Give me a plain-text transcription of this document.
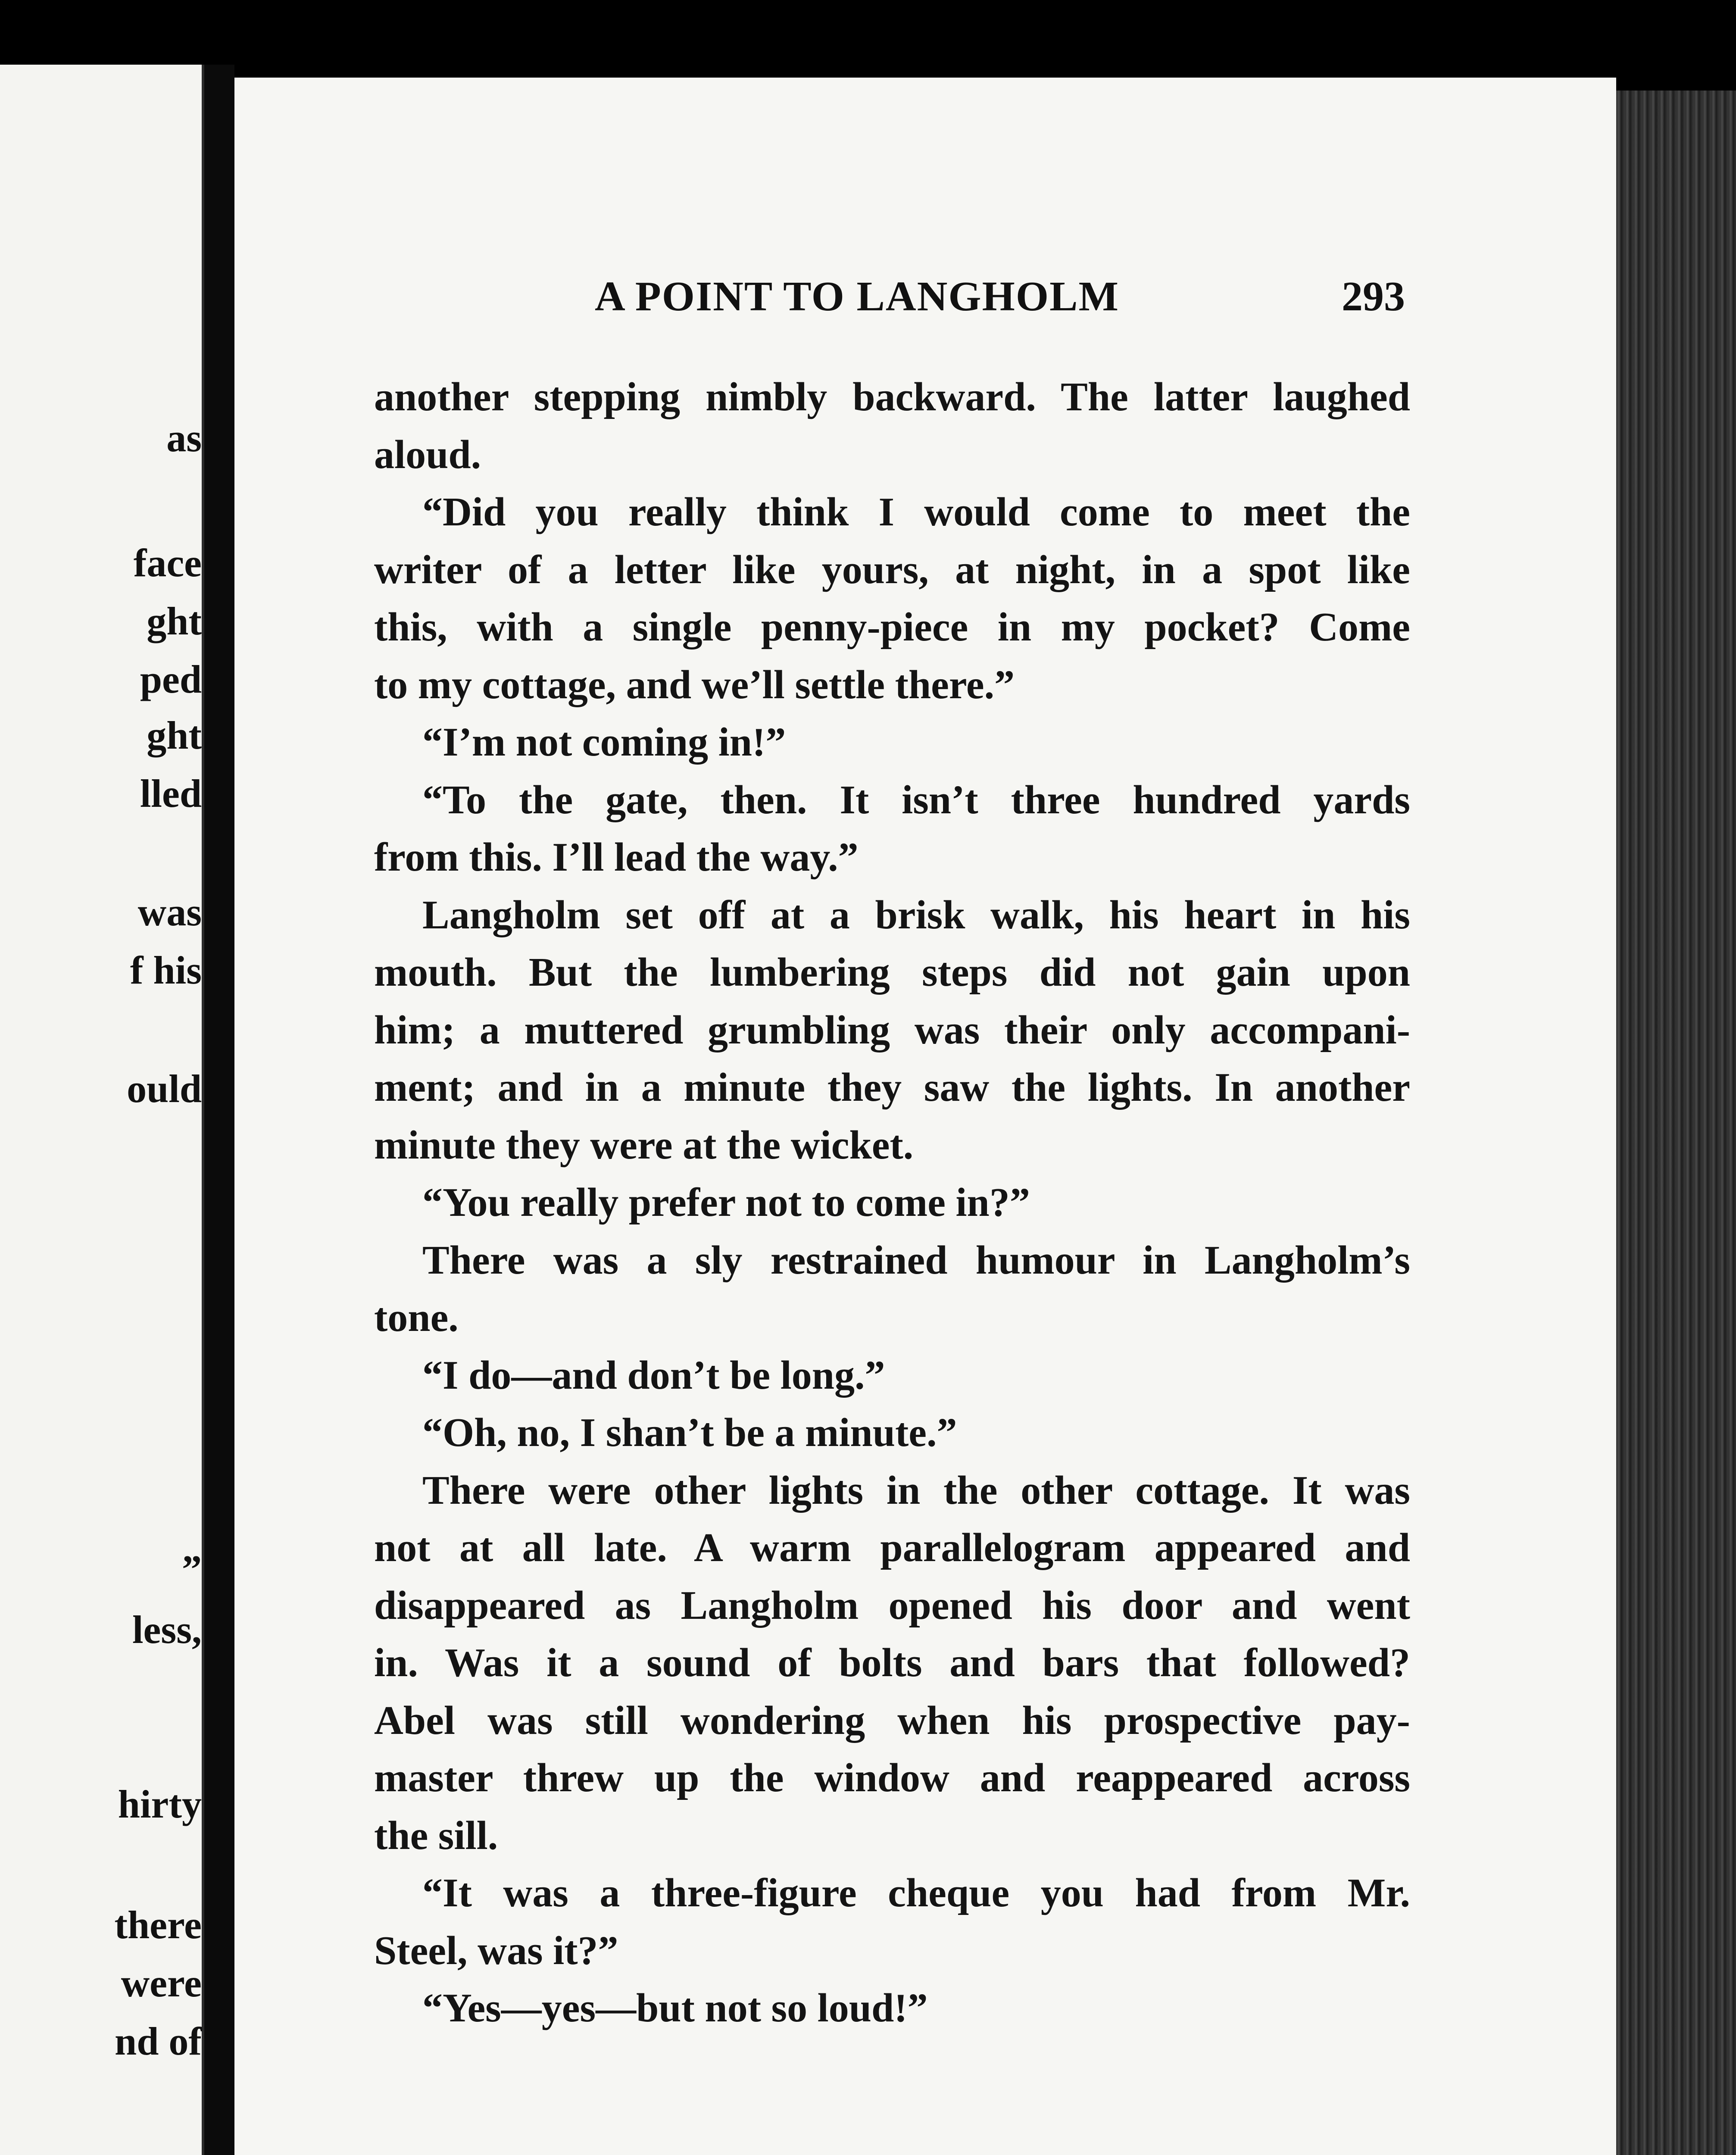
as

face

ght

ped

ght

lled

was

f his

ould

”

less,

hirty

there

were

nd of

A POINT TO LANGHOLM	293

another stepping nimbly backward. The latter laughed
aloud.
“Did you really think I would come to meet the
writer of a letter like yours, at night, in a spot like
this, with a single penny-piece in my pocket? Come
to my cottage, and we’ll settle there.”
“I’m not coming in!”
“To the gate, then. It isn’t three hundred yards
from this. I’ll lead the way.”
Langholm set off at a brisk walk, his heart in his
mouth. But the lumbering steps did not gain upon
him; a muttered grumbling was their only accompani-
ment; and in a minute they saw the lights. In another
minute they were at the wicket.
“You really prefer not to come in?”
There was a sly restrained humour in Langholm’s
tone.
“I do—and don’t be long.”
“Oh, no, I shan’t be a minute.”
There were other lights in the other cottage. It was
not at all late. A warm parallelogram appeared and
disappeared as Langholm opened his door and went
in. Was it a sound of bolts and bars that followed?
Abel was still wondering when his prospective pay-
master threw up the window and reappeared across
the sill.
“It was a three-figure cheque you had from Mr.
Steel, was it?”
“Yes—yes—but not so loud!”
